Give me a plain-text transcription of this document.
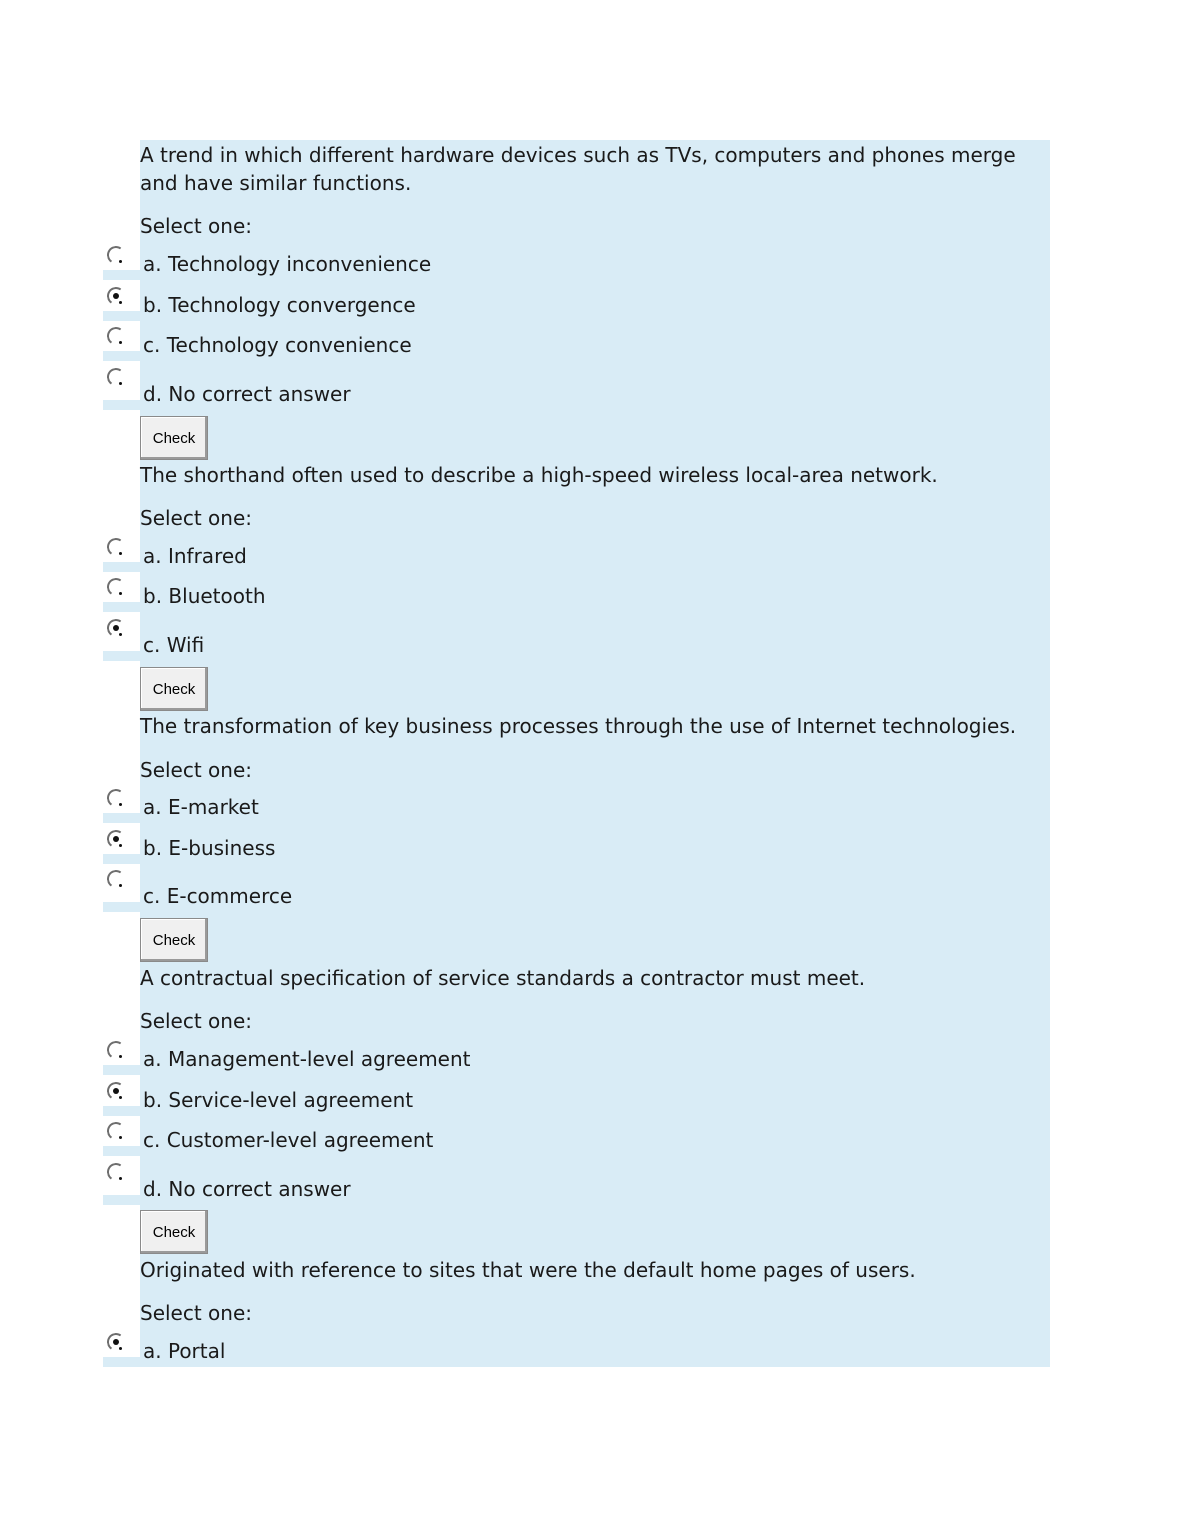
A trend in which different hardware devices such as TVs, computers and phones merge and have similar functions.

Select one:
a. Technology inconvenience
b. Technology convergence
c. Technology convenience
d. No correct answer
Check

The shorthand often used to describe a high-speed wireless local-area network.

Select one:
a. Infrared
b. Bluetooth
c. Wifi
Check

The transformation of key business processes through the use of Internet technologies.

Select one:
a. E-market
b. E-business
c. E-commerce
Check

A contractual specification of service standards a contractor must meet.

Select one:
a. Management-level agreement
b. Service-level agreement
c. Customer-level agreement
d. No correct answer
Check

Originated with reference to sites that were the default home pages of users.

Select one:
a. Portal
